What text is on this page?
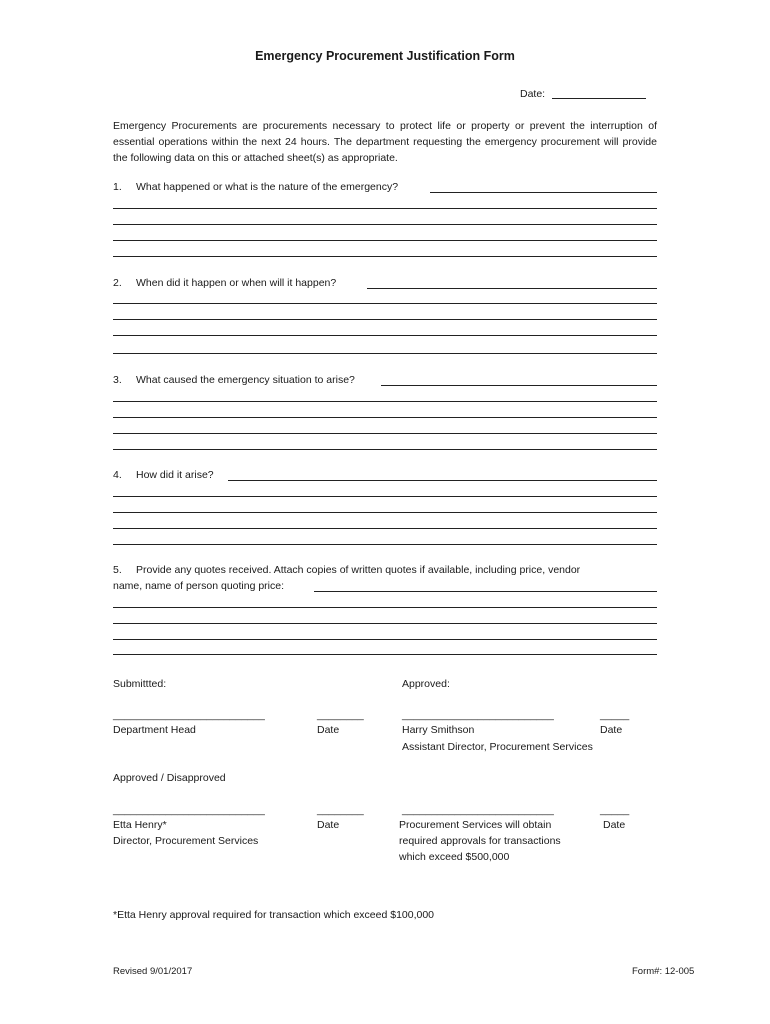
Emergency Procurement Justification Form
Date:
Emergency Procurements are procurements necessary to protect life or property or prevent the interruption of essential operations within the next 24 hours. The department requesting the emergency procurement will provide the following data on this or attached sheet(s) as appropriate.
1. What happened or what is the nature of the emergency?
2. When did it happen or when will it happen?
3. What caused the emergency situation to arise?
4. How did it arise?
5. Provide any quotes received. Attach copies of written quotes if available, including price, vendor
name, name of person quoting price:
Submittted:	Approved:
__________________________	________	__________________________	_____
Department Head	Date	Harry Smithson	Date
Assistant Director, Procurement Services
Approved / Disapproved
__________________________	________	__________________________	_____
Etta Henry*	Date	Procurement Services will obtain	Date
Director, Procurement Services	required approvals for transactions
which exceed $500,000
*Etta Henry approval required for transaction which exceed $100,000
Revised 9/01/2017	Form#: 12-005
